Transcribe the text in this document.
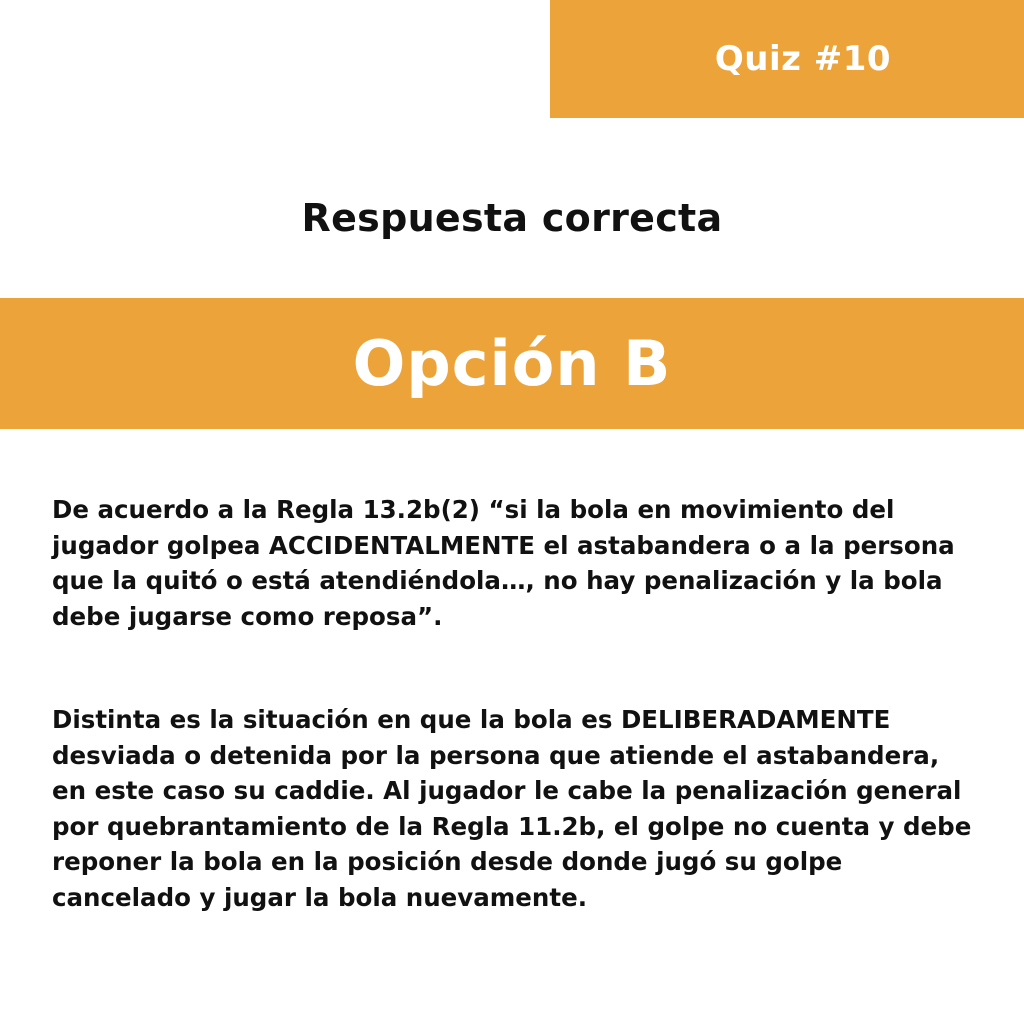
Quiz #10
Respuesta correcta
Opción B

De acuerdo a la Regla 13.2b(2) “si la bola en movimiento del jugador golpea ACCIDENTALMENTE el astabandera o a la persona que la quitó o está atendiéndola…, no hay penalización y la bola debe jugarse como reposa”.

Distinta es la situación en que la bola es DELIBERADAMENTE desviada o detenida por la persona que atiende el astabandera, en este caso su caddie. Al jugador le cabe la penalización general por quebrantamiento de la Regla 11.2b, el golpe no cuenta y debe reponer la bola en la posición desde donde jugó su golpe cancelado y jugar la bola nuevamente.
